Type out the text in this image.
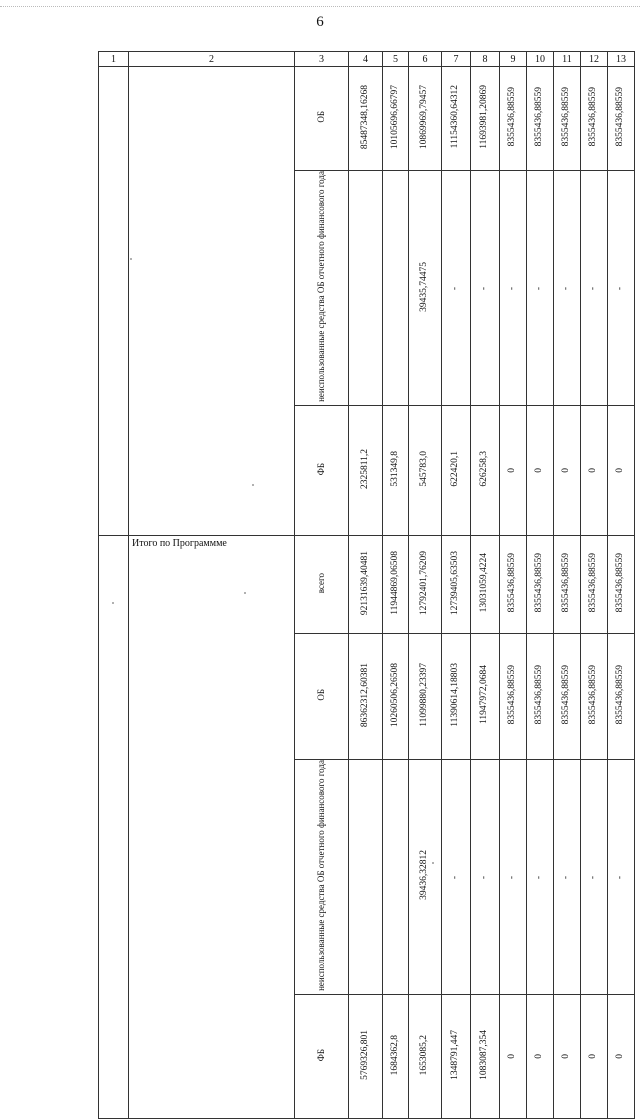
6
1	2	3	4	5	6	7	8	9	10	11	12	13
		ОБ	85487348,16268	10105696,66797	10869969,79457	11154360,64312	11693981,20869	8355436,88559	8355436,88559	8355436,88559	8355436,88559	8355436,88559
		неиспользованные средства ОБ отчетного финансового года			39435,74475	-	-	-	-	-	-	-
		ФБ	2325811,2	531349,8	545783,0	622420,1	626258,3	0	0	0	0	0
	Итого по Программме	всего	92131639,40481	11944869,06508	12792401,76209	12739405,63503	13031059,4224	8355436,88559	8355436,88559	8355436,88559	8355436,88559	8355436,88559
		ОБ	86362312,60381	10260506,26508	11099880,23397	11390614,18803	11947972,0684	8355436,88559	8355436,88559	8355436,88559	8355436,88559	8355436,88559
		неиспользованные средства ОБ отчетного финансового года			39436,32812	-	-	-	-	-	-	-
		ФБ	5769326,801	1684362,8	1653085,2	1348791,447	1083087,354	0	0	0	0	0
